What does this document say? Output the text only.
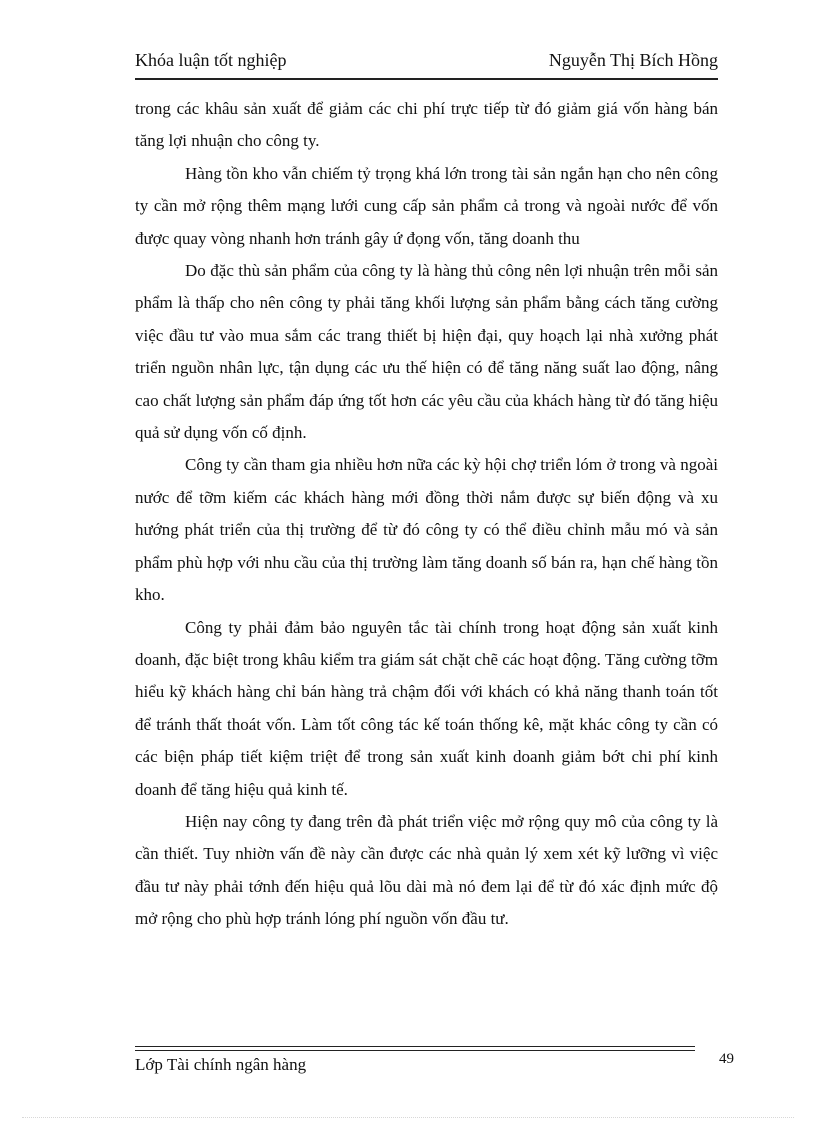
Khóa luận tốt nghiệp	Nguyễn Thị Bích Hồng

trong các khâu sản xuất để giảm các chi phí trực tiếp từ đó giảm giá vốn hàng bán tăng lợi nhuận cho công ty.

Hàng tồn kho vẫn chiếm tỷ trọng khá lớn trong tài sản ngắn hạn cho nên công ty cần mở rộng thêm mạng lưới cung cấp sản phẩm cả trong và ngoài nước để vốn được quay vòng nhanh hơn tránh gây ứ đọng vốn, tăng doanh thu

Do đặc thù sản phẩm của công ty là hàng thủ công nên lợi nhuận trên mỗi sản phẩm là thấp cho nên công ty phải tăng khối lượng sản phẩm bằng cách tăng cường việc đầu tư vào mua sắm các trang thiết bị hiện đại, quy hoạch lại nhà xưởng phát triển nguồn nhân lực, tận dụng các ưu thế hiện có để tăng năng suất lao động, nâng cao chất lượng sản phẩm đáp ứng tốt hơn các yêu cầu của khách hàng từ đó tăng hiệu quả sử dụng vốn cố định.

Công ty cần tham gia nhiều hơn nữa các kỳ hội chợ triển lóm ở trong và ngoài nước để tỡm kiếm các khách hàng mới đồng thời nắm được sự biến động và xu hướng phát triển của thị trường để từ đó công ty có thể điều chỉnh mẫu mó và sản phẩm phù hợp với nhu cầu của thị trường làm tăng doanh số bán ra, hạn chế hàng tồn kho.

Công ty phải đảm bảo nguyên tắc tài chính trong hoạt động sản xuất kinh doanh, đặc biệt trong khâu kiểm tra giám sát chặt chẽ các hoạt động. Tăng cường tỡm hiểu kỹ khách hàng chỉ bán hàng trả chậm đối với khách có khả năng thanh toán tốt để tránh thất thoát vốn. Làm tốt công tác kế toán thống kê, mặt khác công ty cần có các biện pháp tiết kiệm triệt để trong sản xuất kinh doanh giảm bớt chi phí kinh doanh để tăng hiệu quả kinh tế.

Hiện nay công ty đang trên đà phát triển việc mở rộng quy mô của công ty là cần thiết. Tuy nhiờn vấn đề này cần được các nhà quản lý xem xét kỹ lưỡng vì việc đầu tư này phải tớnh đến hiệu quả lõu dài mà nó đem lại để từ đó xác định mức độ mở rộng cho phù hợp tránh lóng phí nguồn vốn đầu tư.

Lớp Tài chính ngân hàng	49
